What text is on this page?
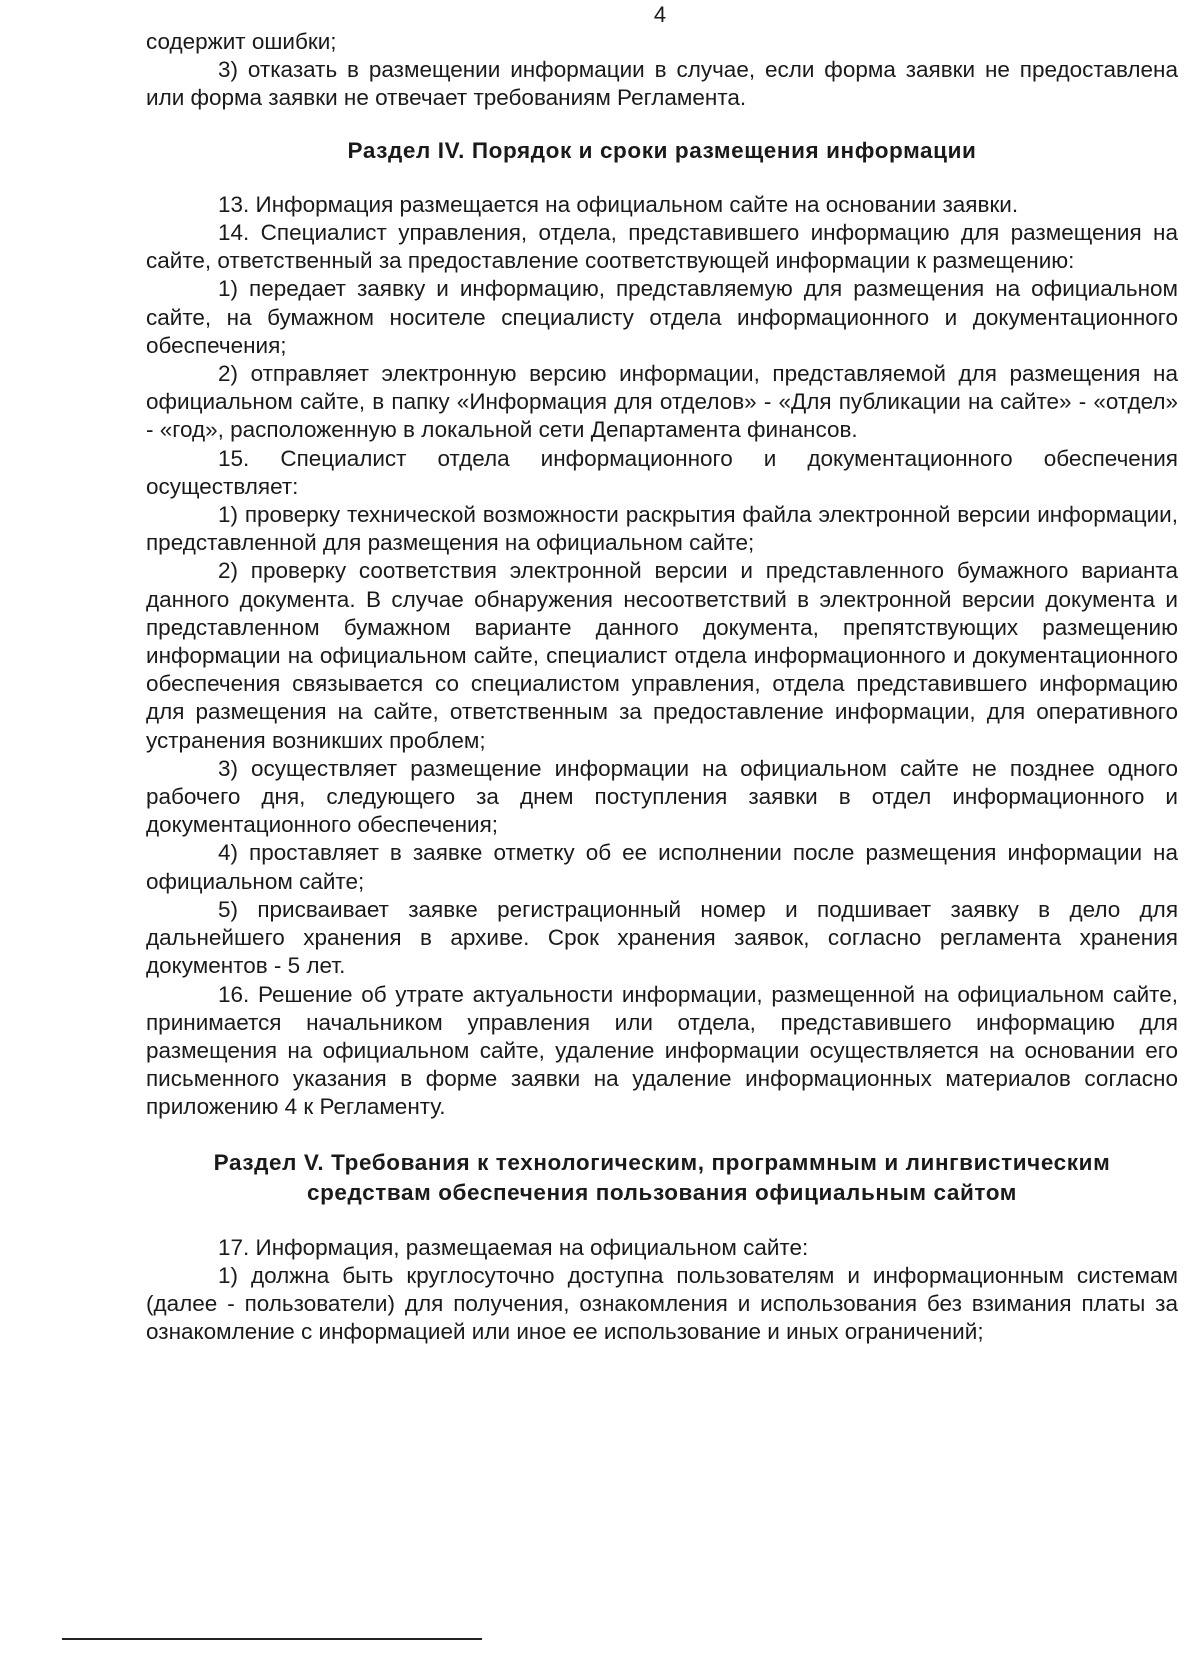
4

содержит ошибки;

3) отказать в размещении информации в случае, если форма заявки не предоставлена или форма заявки не отвечает требованиям Регламента.

Раздел IV. Порядок и сроки размещения информации

13. Информация размещается на официальном сайте на основании заявки.

14. Специалист управления, отдела, представившего информацию для размещения на сайте, ответственный за предоставление соответствующей информации к размещению:

1) передает заявку и информацию, представляемую для размещения на официальном сайте, на бумажном носителе специалисту отдела информационного и документационного обеспечения;

2) отправляет электронную версию информации, представляемой для размещения на официальном сайте, в папку «Информация для отделов» - «Для публикации на сайте» - «отдел» - «год», расположенную в локальной сети Департамента финансов.

15. Специалист отдела информационного и документационного обеспечения осуществляет:

1) проверку технической возможности раскрытия файла электронной версии информации, представленной для размещения на официальном сайте;

2) проверку соответствия электронной версии и представленного бумажного варианта данного документа. В случае обнаружения несоответствий в электронной версии документа и представленном бумажном варианте данного документа, препятствующих размещению информации на официальном сайте, специалист отдела информационного и документационного обеспечения связывается со специалистом управления, отдела представившего информацию для размещения на сайте, ответственным за предоставление информации, для оперативного устранения возникших проблем;

3) осуществляет размещение информации на официальном сайте не позднее одного рабочего дня, следующего за днем поступления заявки в отдел информационного и документационного обеспечения;

4) проставляет в заявке отметку об ее исполнении после размещения информации на официальном сайте;

5) присваивает заявке регистрационный номер и подшивает заявку в дело для дальнейшего хранения в архиве. Срок хранения заявок, согласно регламента хранения документов - 5 лет.

16. Решение об утрате актуальности информации, размещенной на официальном сайте, принимается начальником управления или отдела, представившего информацию для размещения на официальном сайте, удаление информации осуществляется на основании его письменного указания в форме заявки на удаление информационных материалов согласно приложению 4 к Регламенту.

Раздел V. Требования к технологическим, программным и лингвистическим
средствам обеспечения пользования официальным сайтом

17. Информация, размещаемая на официальном сайте:

1) должна быть круглосуточно доступна пользователям и информационным системам (далее - пользователи) для получения, ознакомления и использования без взимания платы за ознакомление с информацией или иное ее использование и иных ограничений;
